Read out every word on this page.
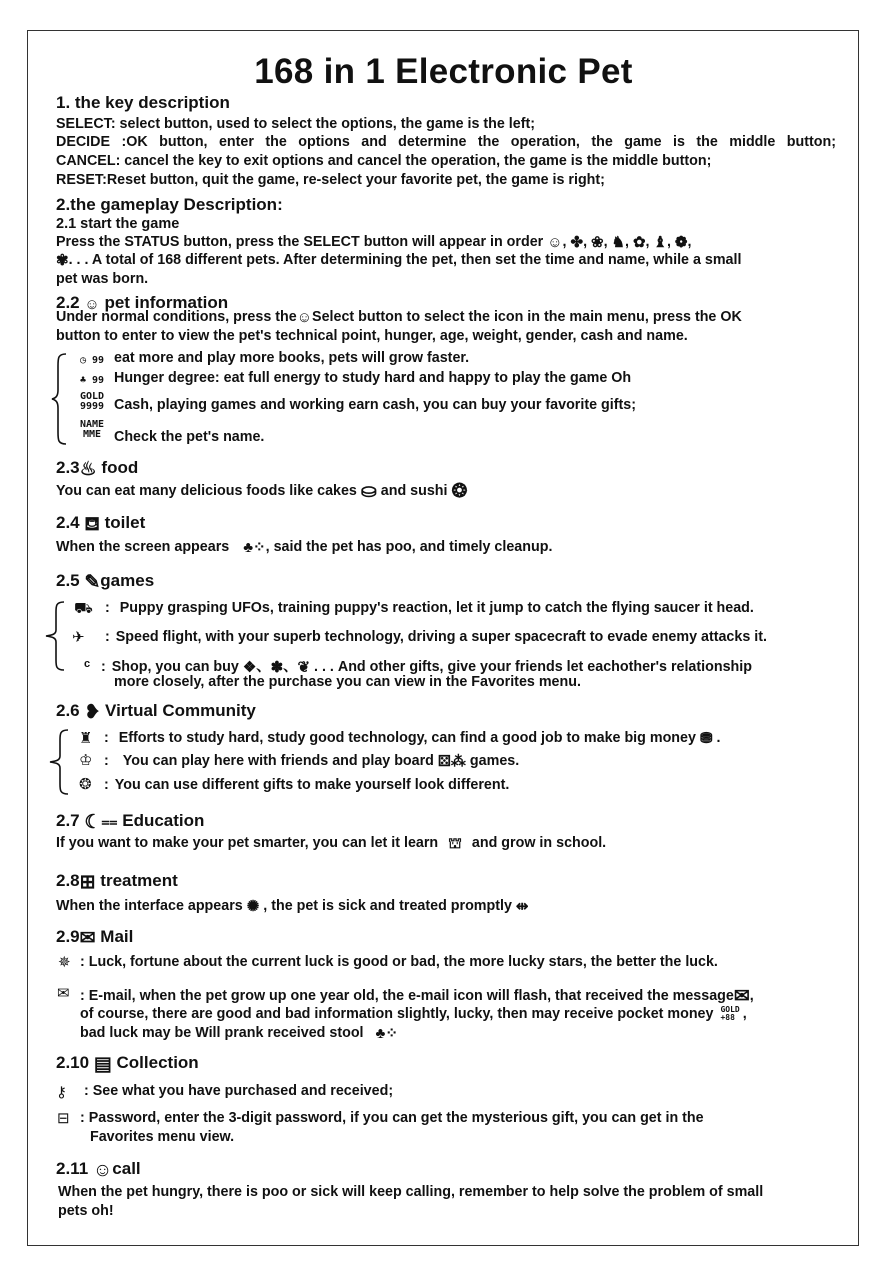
168 in 1 Electronic Pet
1. the key description
SELECT: select button, used to select the options, the game is the left;
DECIDE :OK button, enter the options and determine the operation, the game is the middle button;
CANCEL: cancel the key to exit options and cancel the operation, the game is the middle button;
RESET:Reset button, quit the game, re-select your favorite pet, the game is right;
2.the gameplay Description:
2.1 start the game
Press the STATUS button, press the SELECT button will appear in order ☺, ✤, ❀, ♞, ✿, ♝, ❁,
✾. . . A total of 168 different pets. After determining the pet, then set the time and name, while a small
pet was born.
2.2 ☺ pet information
Under normal conditions, press the☺Select button to select the icon in the main menu, press the OK
button to enter to view the pet's technical point, hunger, age, weight, gender, cash and name.
◷ 99 eat more and play more books, pets will grow faster.
♣ 99 Hunger degree: eat full energy to study hard and happy to play the game Oh
GOLD
9999 Cash, playing games and working earn cash, you can buy your favorite gifts;
NAME
MME Check the pet's name.
2.3♨ food
You can eat many delicious foods like cakes ⛀ and sushi ❂
2.4 ⛾ toilet
When the screen appears ♣⁘, said the pet has poo, and timely cleanup.
2.5 ✎games
⛟ : Puppy grasping UFOs, training puppy's reaction, let it jump to catch the flying saucer it head.
✈ : Speed flight, with your superb technology, driving a super spacecraft to evade enemy attacks it.
c : Shop, you can buy ❖、✽、❦ . . . And other gifts, give your friends let eachother's relationship
more closely, after the purchase you can view in the Favorites menu.
2.6 ❥ Virtual Community
♜ : Efforts to study hard, study good technology, can find a good job to make big money ⛃ .
♔ : You can play here with friends and play board ⚄⁂ games.
❂ : You can use different gifts to make yourself look different.
2.7 ☾⩵ Education
If you want to make your pet smarter, you can let it learn ⛫ and grow in school.
2.8⊞ treatment
When the interface appears ✺ , the pet is sick and treated promptly ⇹
2.9✉ Mail
✵ : Luck, fortune about the current luck is good or bad, the more lucky stars, the better the luck.
✉ : E-mail, when the pet grow up one year old, the e-mail icon will flash, that received the message✉,
of course, there are good and bad information slightly, lucky, then may receive pocket money GOLD
+88 ,
bad luck may be Will prank received stool ♣⁘
2.10 ▤ Collection
⚷ : See what you have purchased and received;
⊟ : Password, enter the 3-digit password, if you can get the mysterious gift, you can get in the
Favorites menu view.
2.11 ☺call
When the pet hungry, there is poo or sick will keep calling, remember to help solve the problem of small
pets oh!
